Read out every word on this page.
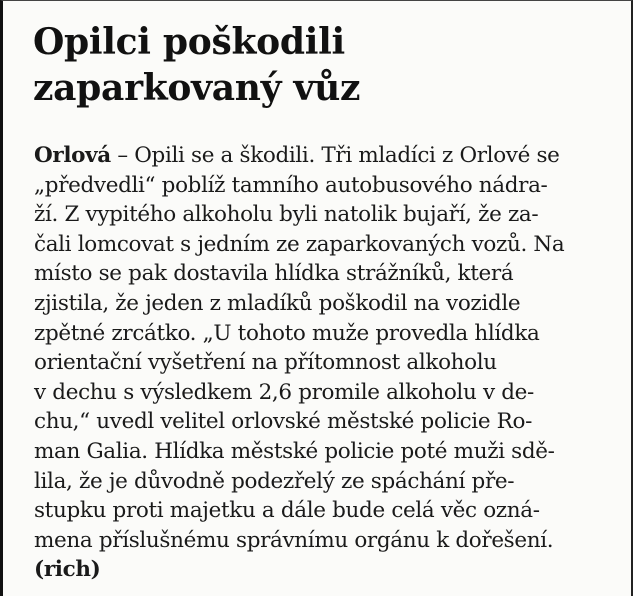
Opilci poškodili
zaparkovaný vůz
Orlová – Opili se a škodili. Tři mladíci z Orlové se
„předvedli“ poblíž tamního autobusového nádra-
ží. Z vypitého alkoholu byli natolik bujaří, že za-
čali lomcovat s jedním ze zaparkovaných vozů. Na
místo se pak dostavila hlídka strážníků, která
zjistila, že jeden z mladíků poškodil na vozidle
zpětné zrcátko. „U tohoto muže provedla hlídka
orientační vyšetření na přítomnost alkoholu
v dechu s výsledkem 2,6 promile alkoholu v de-
chu,“ uvedl velitel orlovské městské policie Ro-
man Galia. Hlídka městské policie poté muži sdě-
lila, že je důvodně podezřelý ze spáchání pře-
stupku proti majetku a dále bude celá věc ozná-
mena příslušnému správnímu orgánu k dořešení.
(rich)
